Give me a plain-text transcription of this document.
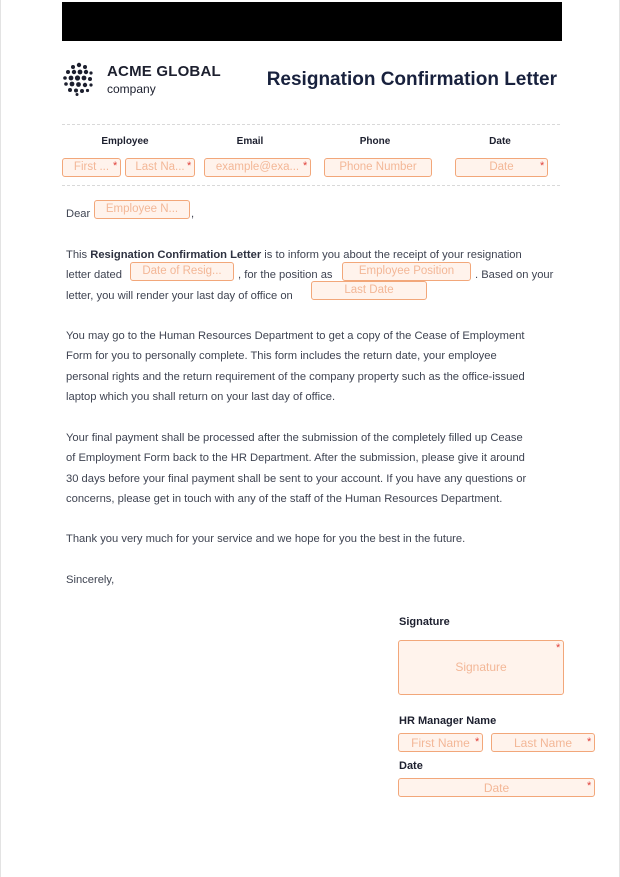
ACME GLOBAL
company	Resignation Confirmation Letter
Employee	Email	Phone	Date
First ... *	Last Na... *	example@exa... *	Phone Number	Date	*
Dear	Employee N...	,
This Resignation Confirmation Letter is to inform you about the receipt of your resignation
letter dated	Date of Resig...	, for the position as	Employee Position	. Based on your
letter, you will render your last day of office on	Last Date
You may go to the Human Resources Department to get a copy of the Cease of Employment
Form for you to personally complete. This form includes the return date, your employee
personal rights and the return requirement of the company property such as the office-issued
laptop which you shall return on your last day of office.
Your final payment shall be processed after the submission of the completely filled up Cease
of Employment Form back to the HR Department. After the submission, please give it around
30 days before your final payment shall be sent to your account. If you have any questions or
concerns, please get in touch with any of the staff of the Human Resources Department.
Thank you very much for your service and we hope for you the best in the future.
Sincerely,
Signature
Signature
*
HR Manager Name
First Name *	Last Name	*
Date
Date	*
